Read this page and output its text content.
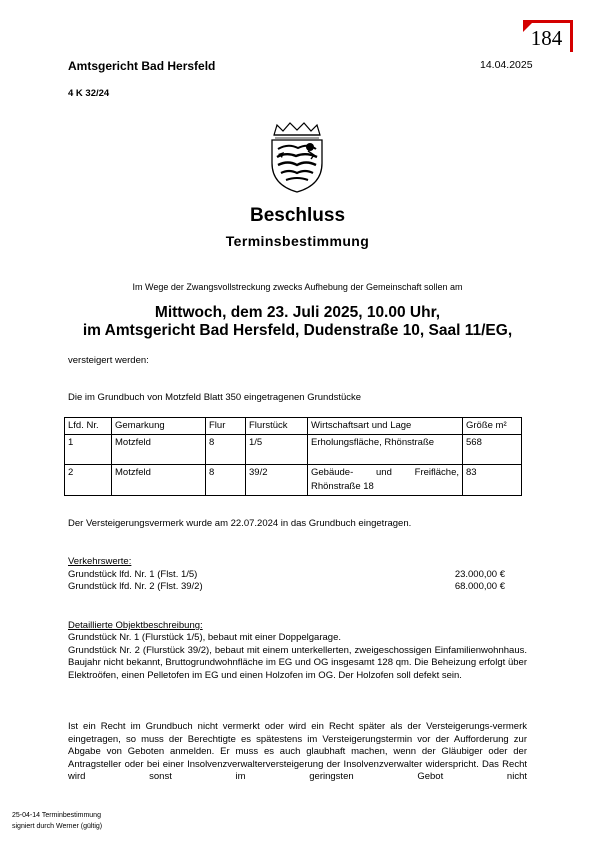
184
Amtsgericht Bad Hersfeld	14.04.2025
4 K 32/24
Beschluss
Terminsbestimmung
Im Wege der Zwangsvollstreckung zwecks Aufhebung der Gemeinschaft sollen am
Mittwoch, dem 23. Juli 2025, 10.00 Uhr,
im Amtsgericht Bad Hersfeld, Dudenstraße 10, Saal 11/EG,
versteigert werden:
Die im Grundbuch von Motzfeld Blatt 350 eingetragenen Grundstücke
Lfd. Nr.	Gemarkung	Flur	Flurstück	Wirtschaftsart und Lage	Größe m²
1	Motzfeld	8	1/5	Erholungsfläche, Rhönstraße	568
2	Motzfeld	8	39/2	Gebäude- und Freifläche, Rhönstraße 18	83
Der Versteigerungsvermerk wurde am 22.07.2024 in das Grundbuch eingetragen.
Verkehrswerte:
Grundstück lfd. Nr. 1 (Flst. 1/5)	23.000,00 €
Grundstück lfd. Nr. 2 (Flst. 39/2)	68.000,00 €
Detaillierte Objektbeschreibung:

Grundstück Nr. 1 (Flurstück 1/5), bebaut mit einer Doppelgarage.

Grundstück Nr. 2 (Flurstück 39/2), bebaut mit einem unterkellerten, zweigeschossigen Einfamilienwohnhaus. Baujahr nicht bekannt, Bruttogrundwohnfläche im EG und OG insgesamt 128 qm. Die Beheizung erfolgt über Elektroöfen, einen Pelletofen im EG und einen Holzofen im OG. Der Holzofen soll defekt sein.

Ist ein Recht im Grundbuch nicht vermerkt oder wird ein Recht später als der Versteigerungs-vermerk eingetragen, so muss der Berechtigte es spätestens im Versteigerungstermin vor der Aufforderung zur Abgabe von Geboten anmelden. Er muss es auch glaubhaft machen, wenn der Gläubiger oder der Antragsteller oder bei einer Insolvenzverwalterversteigerung der Insolvenzverwalter widerspricht. Das Recht wird sonst im geringsten Gebot nicht

25-04-14 Terminbestimmung
signiert durch Werner (gültig)
